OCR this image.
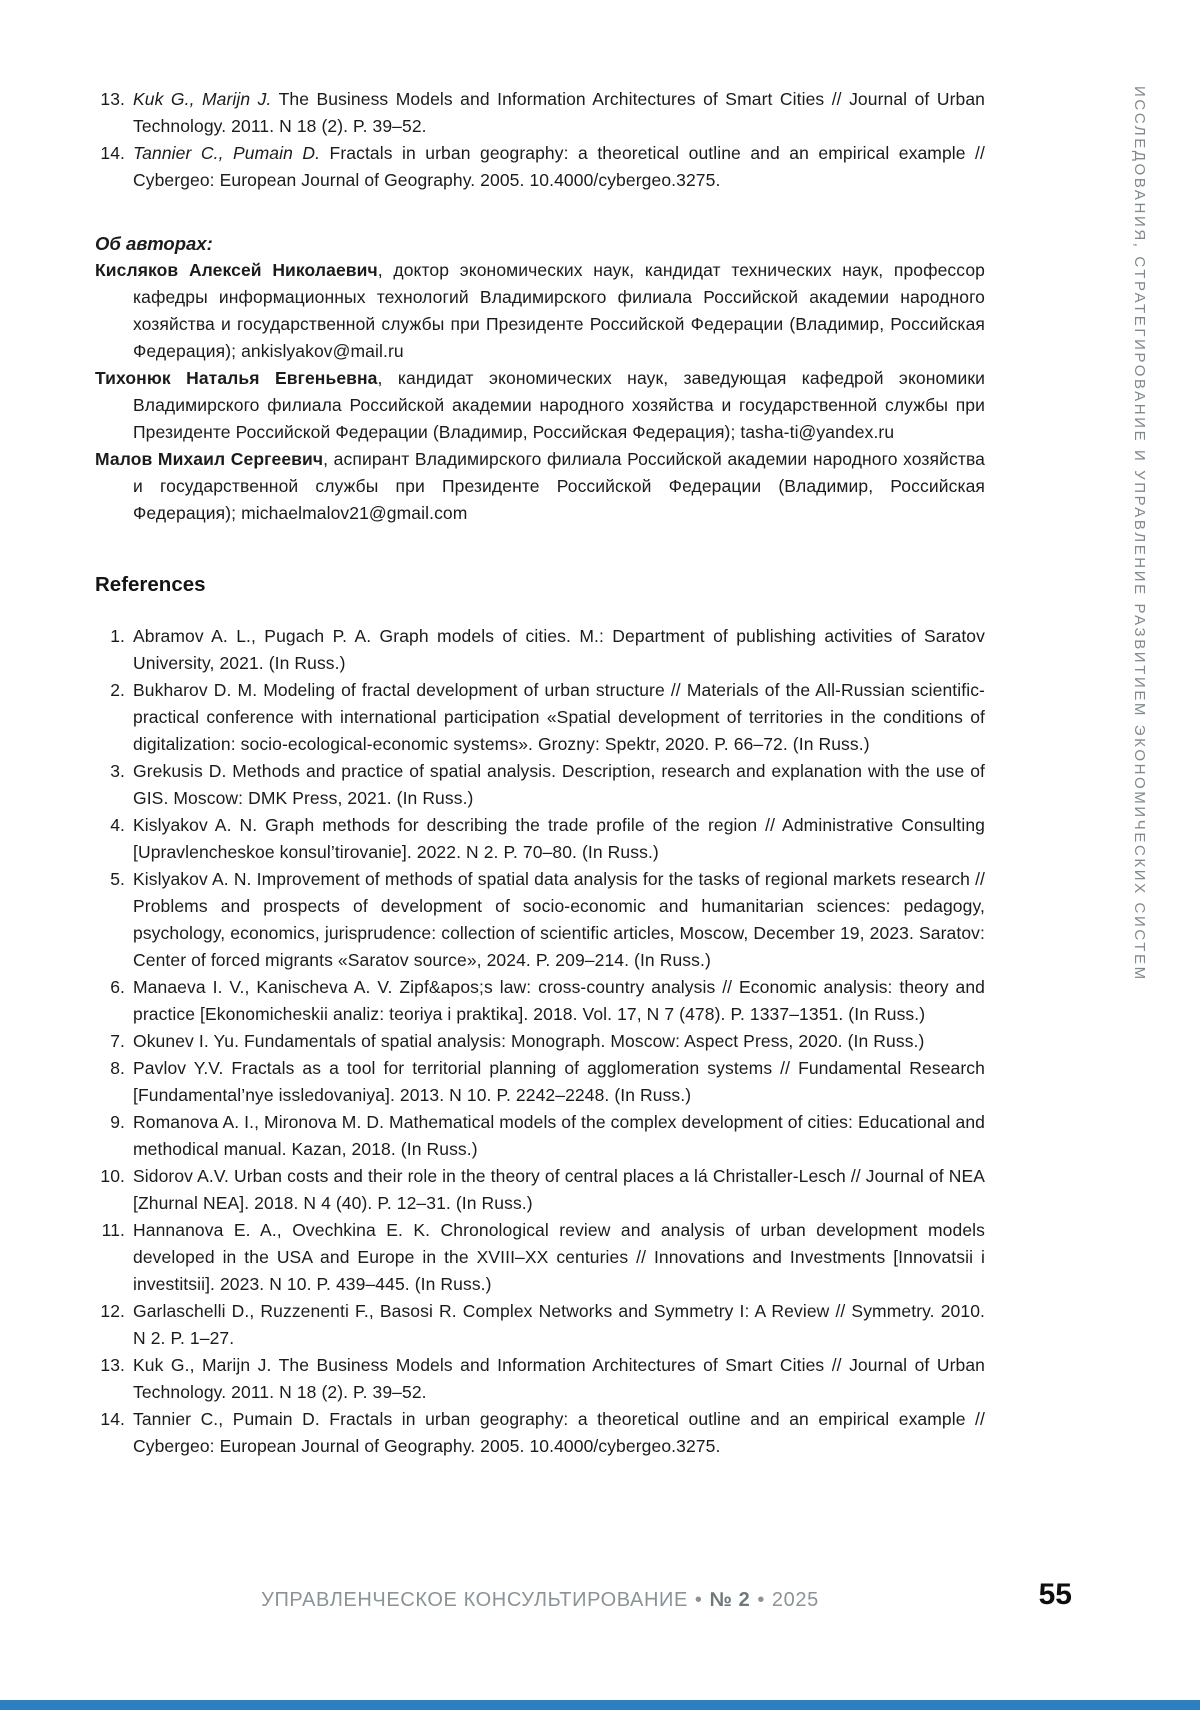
13. Kuk G., Marijn J. The Business Models and Information Architectures of Smart Cities // Journal of Urban Technology. 2011. N 18 (2). P. 39–52.
14. Tannier C., Pumain D. Fractals in urban geography: a theoretical outline and an empirical example // Cybergeo: European Journal of Geography. 2005. 10.4000/cybergeo.3275.

Об авторах:

Кисляков Алексей Николаевич, доктор экономических наук, кандидат технических наук, профессор кафедры информационных технологий Владимирского филиала Российской академии народного хозяйства и государственной службы при Президенте Российской Федерации (Владимир, Российская Федерация); ankislyakov@mail.ru

Тихонюк Наталья Евгеньевна, кандидат экономических наук, заведующая кафедрой экономики Владимирского филиала Российской академии народного хозяйства и государственной службы при Президенте Российской Федерации (Владимир, Российская Федерация); tasha-ti@yandex.ru

Малов Михаил Сергеевич, аспирант Владимирского филиала Российской академии народного хозяйства и государственной службы при Президенте Российской Федерации (Владимир, Российская Федерация); michaelmalov21@gmail.com

References

1. Abramov A. L., Pugach P. A. Graph models of cities. M.: Department of publishing activities of Saratov University, 2021. (In Russ.)
2. Bukharov D. M. Modeling of fractal development of urban structure // Materials of the All-Russian scientific-practical conference with international participation «Spatial development of territories in the conditions of digitalization: socio-ecological-economic systems». Grozny: Spektr, 2020. P. 66–72. (In Russ.)
3. Grekusis D. Methods and practice of spatial analysis. Description, research and explanation with the use of GIS. Moscow: DMK Press, 2021. (In Russ.)
4. Kislyakov A. N. Graph methods for describing the trade profile of the region // Administrative Consulting [Upravlencheskoe konsul’tirovanie]. 2022. N 2. P. 70–80. (In Russ.)
5. Kislyakov A. N. Improvement of methods of spatial data analysis for the tasks of regional markets research // Problems and prospects of development of socio-economic and humanitarian sciences: pedagogy, psychology, economics, jurisprudence: collection of scientific articles, Moscow, December 19, 2023. Saratov: Center of forced migrants «Saratov source», 2024. P. 209–214. (In Russ.)
6. Manaeva I. V., Kanischeva A. V. Zipf&apos;s law: cross-country analysis // Economic analysis: theory and practice [Ekonomicheskii analiz: teoriya i praktika]. 2018. Vol. 17, N 7 (478). P. 1337–1351. (In Russ.)
7. Okunev I. Yu. Fundamentals of spatial analysis: Monograph. Moscow: Aspect Press, 2020. (In Russ.)
8. Pavlov Y.V. Fractals as a tool for territorial planning of agglomeration systems // Fundamental Research [Fundamental’nye issledovaniya]. 2013. N 10. P. 2242–2248. (In Russ.)
9. Romanova A. I., Mironova M. D. Mathematical models of the complex development of cities: Educational and methodical manual. Kazan, 2018. (In Russ.)
10. Sidorov A.V. Urban costs and their role in the theory of central places a lá Christaller-Lesch // Journal of NEA [Zhurnal NEA]. 2018. N 4 (40). P. 12–31. (In Russ.)
11. Hannanova E. A., Ovechkina E. K. Chronological review and analysis of urban development models developed in the USA and Europe in the XVIII–XX centuries // Innovations and Investments [Innovatsii i investitsii]. 2023. N 10. P. 439–445. (In Russ.)
12. Garlaschelli D., Ruzzenenti F., Basosi R. Complex Networks and Symmetry I: A Review // Symmetry. 2010. N 2. P. 1–27.
13. Kuk G., Marijn J. The Business Models and Information Architectures of Smart Cities // Journal of Urban Technology. 2011. N 18 (2). P. 39–52.
14. Tannier C., Pumain D. Fractals in urban geography: a theoretical outline and an empirical example // Cybergeo: European Journal of Geography. 2005. 10.4000/cybergeo.3275.
ИССЛЕДОВАНИЯ, СТРАТЕГИРОВАНИЕ И УПРАВЛЕНИЕ РАЗВИТИЕМ ЭКОНОМИЧЕСКИХ СИСТЕМ
УПРАВЛЕНЧЕСКОЕ КОНСУЛЬТИРОВАНИЕ • № 2 • 2025	55
